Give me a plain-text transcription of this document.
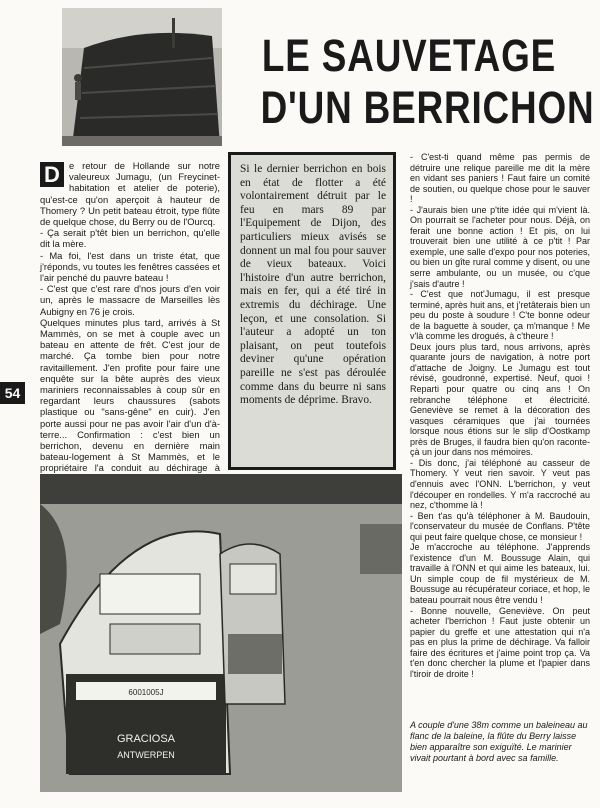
LE SAUVETAGE
D'UN BERRICHON
54

D e retour de Hollande sur notre valeureux Jumagu, (un Freycinet-habitation et atelier de poterie), qu'est-ce qu'on aperçoit à hauteur de Thomery ? Un petit bateau étroit, type flûte de quelque chose, du Berry ou de l'Ourcq.

- Ça serait p'têt bien un berrichon, qu'elle dit la mère.

- Ma foi, l'est dans un triste état, que j'réponds, vu toutes les fenêtres cassées et l'air penché du pauvre bateau !

- C'est que c'est rare d'nos jours d'en voir un, après le massacre de Marseilles lès Aubigny en 76 je crois.

Quelques minutes plus tard, arrivés à St Mammès, on se met à couple avec un bateau en attente de frêt. C'est jour de marché. Ça tombe bien pour notre ravitaillement. J'en profite pour faire une enquête sur la bête auprès des vieux mariniers reconnaissables à coup sûr en regardant leurs chaussures (sabots plastique ou "sans-gêne" en cuir). J'en porte aussi pour ne pas avoir l'air d'un d'à-terre... Confirmation : c'est bien un berrichon, devenu en dernière main bateau-logement à St Mammès, et le propriétaire l'a conduit au déchirage à

Si le dernier berrichon en bois en état de flotter a été volontairement détruit par le feu en mars 89 par l'Equipement de Dijon, des particuliers mieux avisés se donnent un mal fou pour sauver de vieux bateaux. Voici l'histoire d'un autre berrichon, mais en fer, qui a été tiré in extremis du déchirage. Une leçon, et une consolation. Si l'auteur a adopté un ton plaisant, on peut toutefois deviner qu'une opération pareille ne s'est pas déroulée comme dans du beurre ni sans moments de déprime. Bravo.

- C'est-ti quand même pas permis de détruire une relique pareille me dit la mère en vidant ses paniers ! Faut faire un comité de soutien, ou quelque chose pour le sauver !

- J'aurais bien une p'tite idée qui m'vient là. On pourrait se l'acheter pour nous. Déjà, on ferait une bonne action ! Et pis, on lui trouverait bien une utilité à ce p'tit ! Par exemple, une salle d'expo pour nos poteries, ou bien un gîte rural comme y disent, ou une serre ambulante, ou un musée, ou c'que j'sais d'autre !

- C'est que not'Jumagu, il est presque terminé, après huit ans, et j'retâterais bien un peu du poste à soudure ! C'te bonne odeur de la baguette à souder, ça m'manque ! Me v'là comme les drogués, à c'theure !

Deux jours plus tard, nous arrivons, après quarante jours de navigation, à notre port d'attache de Joigny. Le Jumagu est tout révisé, goudronné, expertisé. Neuf, quoi ! Reparti pour quatre ou cinq ans ! On rebranche téléphone et électricité. Geneviève se remet à la décoration des vasques céramiques que j'ai tournées lorsque nous étions sur le slip d'Oostkamp près de Bruges, il faudra bien qu'on raconte-çà un jour dans nos mémoires.

- Dis donc, j'ai téléphoné au casseur de Thomery. Y veut rien savoir. Y veut pas d'ennuis avec l'ONN. L'berrichon, y veut l'découper en rondelles. Y m'a raccroché au nez, c'thomme là !

- Ben t'as qu'à téléphoner à M. Baudouin, l'conservateur du musée de Conflans. P'tête qui peut faire quelque chose, ce monsieur !

Je m'accroche au téléphone. J'apprends l'existence d'un M. Boussuge Alain, qui travaille à l'ONN et qui aime les bateaux, lui. Un simple coup de fil mystérieux de M. Boussuge au récupérateur coriace, et hop, le bateau pourrait nous être vendu !

- Bonne nouvelle, Geneviève. On peut acheter l'berrichon ! Faut juste obtenir un papier du greffe et une attestation qui n'a pas en plus la prime de déchirage. Va falloir faire des écritures et j'aime point trop ça. Va t'en donc chercher la plume et l'papier dans l'tiroir de droite !

GRACIOSA
ANTWERPEN
6001005J
A couple d'une 38m comme un baleineau au flanc de la baleine, la flûte du Berry laisse bien apparaître son exiguïté. Le marinier vivait pourtant à bord avec sa famille.
